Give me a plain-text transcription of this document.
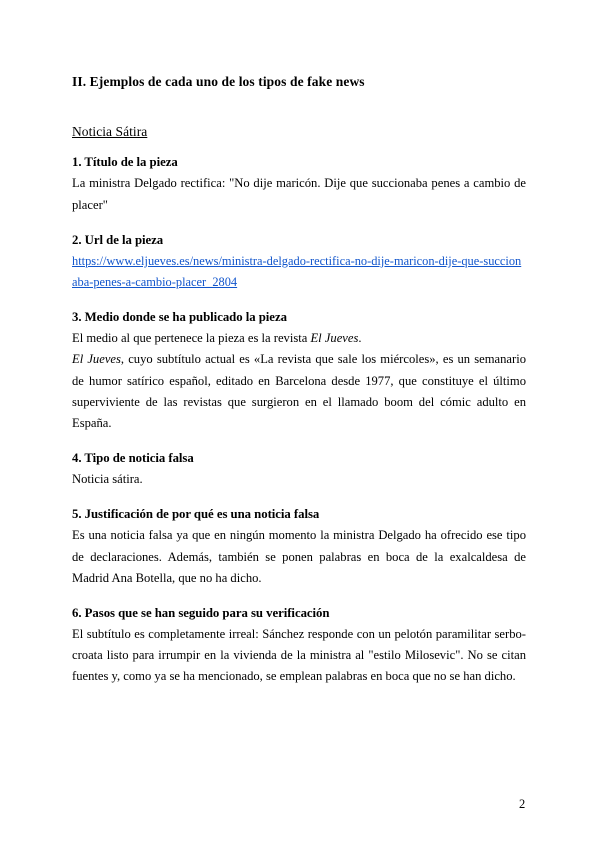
II. Ejemplos de cada uno de los tipos de fake news

Noticia Sátira

1. Título de la pieza

La ministra Delgado rectifica: "No dije maricón. Dije que succionaba penes a cambio de placer"

2. Url de la pieza

https://www.eljueves.es/news/ministra-delgado-rectifica-no-dije-maricon-dije-que-succionaba-penes-a-cambio-placer_2804

3. Medio donde se ha publicado la pieza

El medio al que pertenece la pieza es la revista El Jueves.

El Jueves, cuyo subtítulo actual es «La revista que sale los miércoles», es un semanario de humor satírico español, editado en Barcelona desde 1977, que constituye el último superviviente de las revistas que surgieron en el llamado boom del cómic adulto en España.

4. Tipo de noticia falsa

Noticia sátira.

5. Justificación de por qué es una noticia falsa

Es una noticia falsa ya que en ningún momento la ministra Delgado ha ofrecido ese tipo de declaraciones. Además, también se ponen palabras en boca de la exalcaldesa de Madrid Ana Botella, que no ha dicho.

6. Pasos que se han seguido para su verificación

El subtítulo es completamente irreal: Sánchez responde con un pelotón paramilitar serbo-croata listo para irrumpir en la vivienda de la ministra al "estilo Milosevic". No se citan fuentes y, como ya se ha mencionado, se emplean palabras en boca que no se han dicho.

2
